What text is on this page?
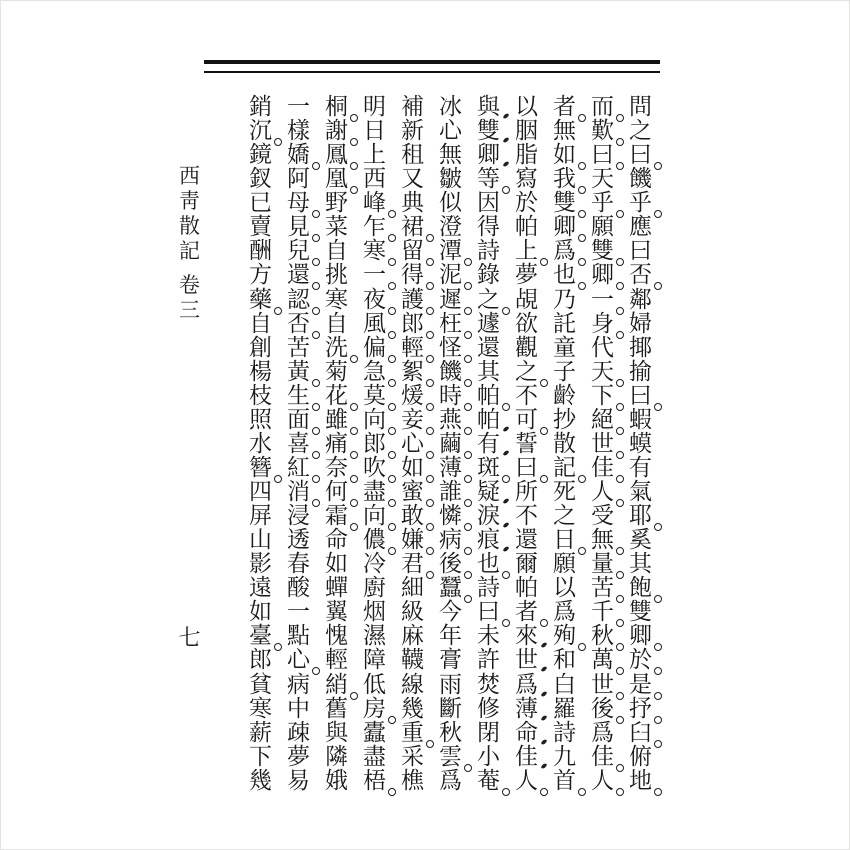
問
之
曰
饑
乎
應
曰
否
鄰
婦
揶
揄
曰
蝦
蟆
有
氣
耶
奚
其
飽
雙
卿
於
是
抒
臼
俯
地
而
歎
曰
天
乎
願
雙
卿
一
身
代
天
下
絕
世
佳
人
受
無
量
苦
千
秋
萬
世
後
爲
佳
人
者
無
如
我
雙
卿
爲
也
乃
託
童
子
齡
抄
散
記
死
之
日
願
以
爲
殉
和
白
羅
詩
九
首
以
胭
脂
寫
於
帕
上
夢
覘
欲
觀
之
不
可
誓
曰
所
不
還
爾
帕
者
來
世
爲
薄
命
佳
人
與
雙
卿
等
因
得
詩
錄
之
遽
還
其
帕
帕
有
斑
疑
淚
痕
也
詩
曰
未
許
焚
修
閉
小
菴
冰
心
無
皺
似
澄
潭
泥
遲
枉
怪
饑
時
燕
繭
薄
誰
憐
病
後
蠶
今
年
膏
雨
斷
秋
雲
爲
補
新
租
又
典
裙
留
得
護
郎
輕
絮
煖
妾
心
如
蜜
敢
嫌
君
細
級
麻
韈
線
幾
重
采
樵
明
日
上
西
峰
乍
寒
一
夜
風
偏
急
莫
向
郎
吹
盡
向
儂
冷
廚
烟
濕
障
低
房
蠹
盡
梧
桐
謝
鳳
凰
野
菜
自
挑
寒
自
洗
菊
花
雖
痛
奈
何
霜
命
如
蟬
翼
愧
輕
綃
舊
與
隣
娥
一
樣
嬌
阿
母
見
兒
還
認
否
苦
黃
生
面
喜
紅
消
浸
透
春
酸
一
點
心
病
中
疎
夢
易
銷
沉
鏡
釵
已
賣
酬
方
藥
自
創
楊
枝
照
水
簪
四
屏
山
影
遠
如
臺
郎
貧
寒
薪
下
幾
西
靑
散
記
卷
三
七
